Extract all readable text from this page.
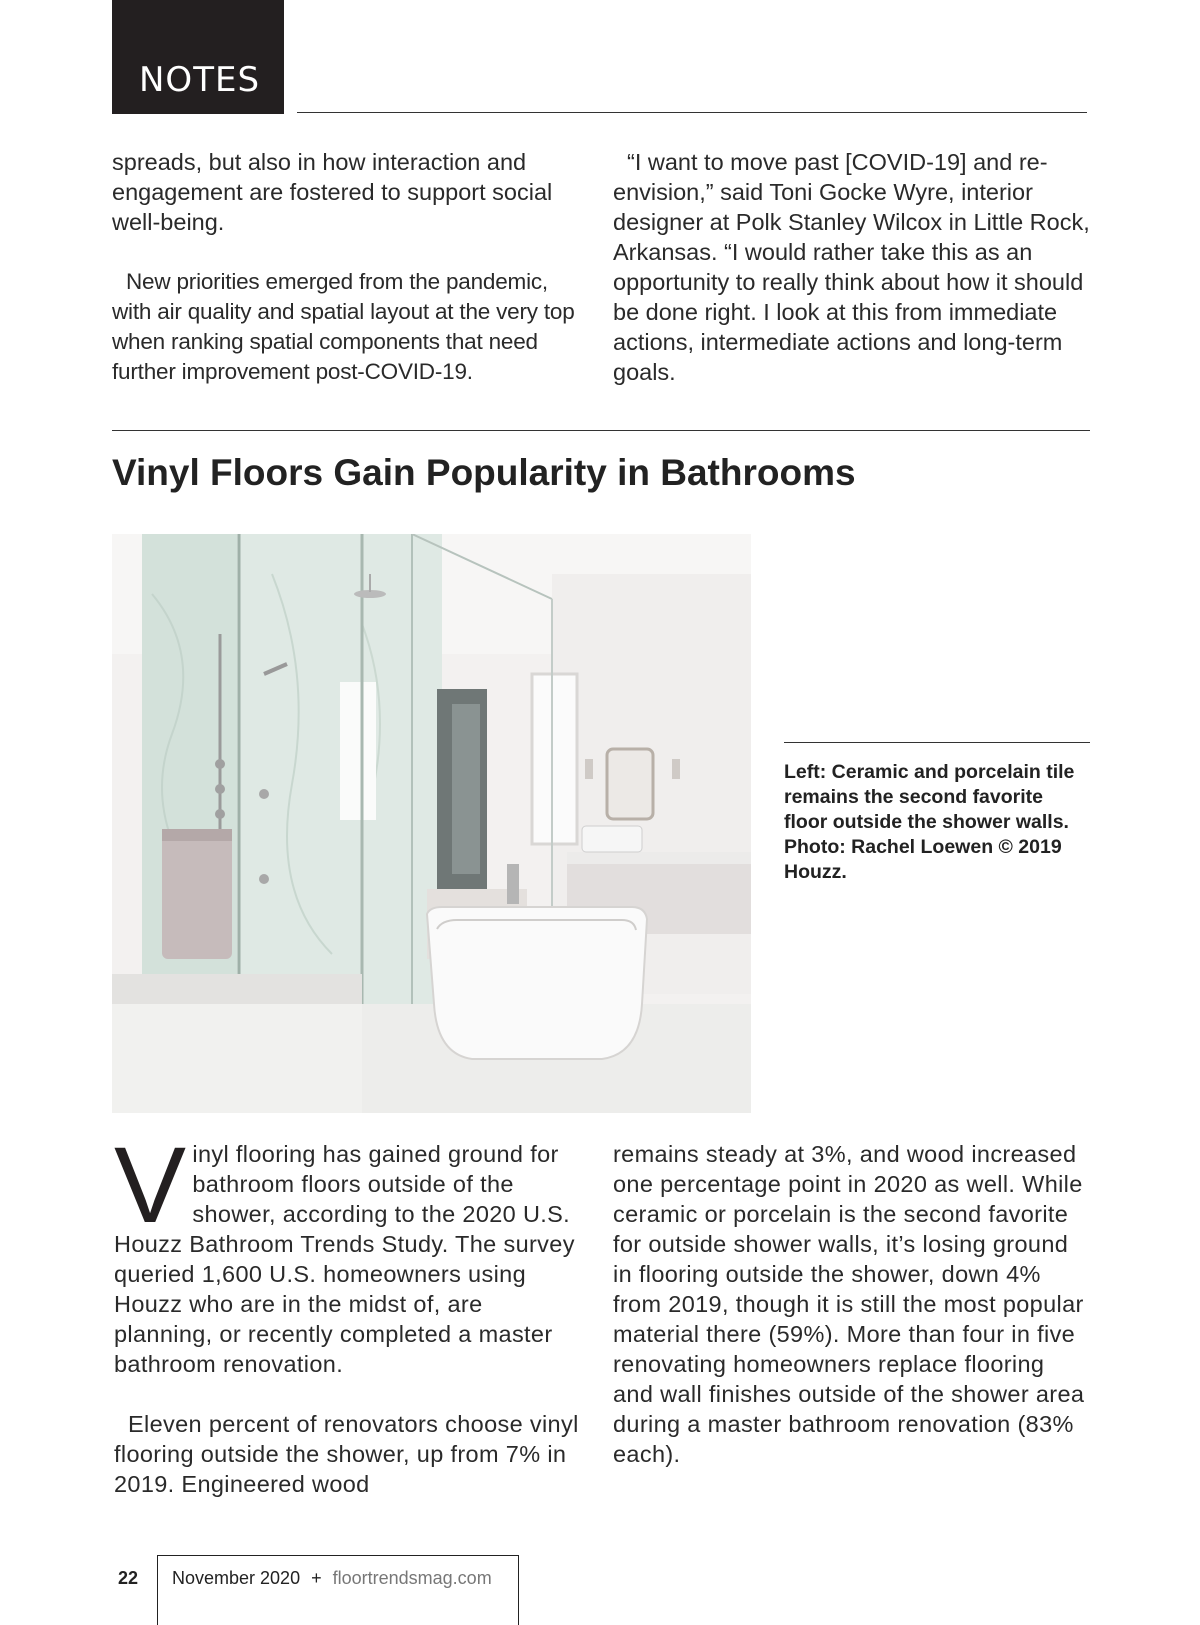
NOTES

spreads, but also in how interaction and engagement are fostered to support social well-being.

New priorities emerged from the pandemic, with air quality and spatial layout at the very top when ranking spatial components that need further improvement post-COVID-19.

“I want to move past [COVID-19] and re-envision,” said Toni Gocke Wyre, interior designer at Polk Stanley Wilcox in Little Rock, Arkansas. “I would rather take this as an opportunity to really think about how it should be done right. I look at this from immediate actions, intermediate actions and long-term goals.

Vinyl Floors Gain Popularity in Bathrooms
Left: Ceramic and porcelain tile remains the second favorite floor outside the shower walls. Photo: Rachel Loewen © 2019 Houzz.

Vinyl flooring has gained ground for bathroom floors outside of the shower, according to the 2020 U.S. Houzz Bathroom Trends Study. The survey queried 1,600 U.S. homeowners using Houzz who are in the midst of, are planning, or recently completed a master bathroom renovation.

Eleven percent of renovators choose vinyl flooring outside the shower, up from 7% in 2019. Engineered wood

remains steady at 3%, and wood increased one percentage point in 2020 as well. While ceramic or porcelain is the second favorite for outside shower walls, it’s losing ground in flooring outside the shower, down 4% from 2019, though it is still the most popular material there (59%). More than four in five renovating homeowners replace flooring and wall finishes outside of the shower area during a master bathroom renovation (83% each).

22 November 2020 + floortrendsmag.com
